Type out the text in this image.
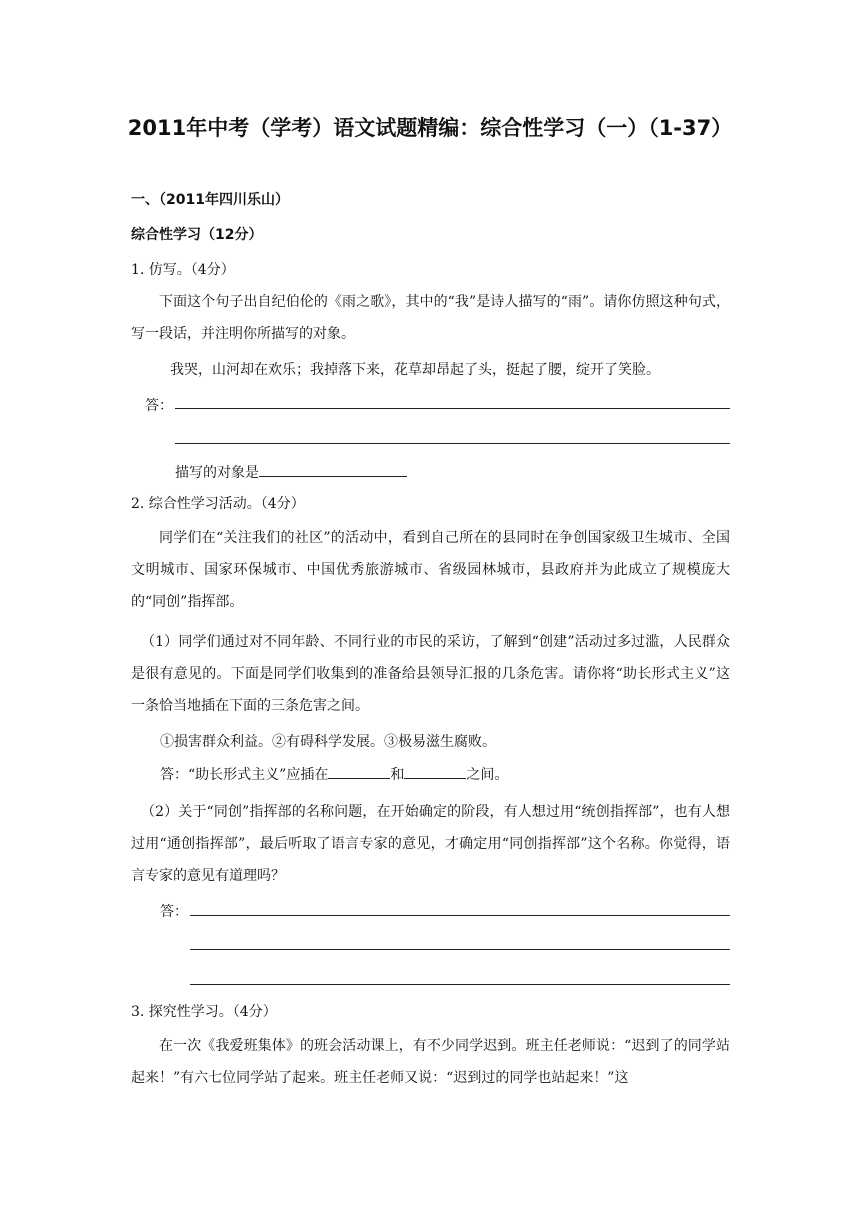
2011年中考（学考）语文试题精编：综合性学习（一）（1-37）
一、（2011年四川乐山）
综合性学习（12分）
1. 仿写。（4分）
下面这个句子出自纪伯伦的《雨之歌》，其中的“我”是诗人描写的“雨”。请你仿照这种句式，写一段话，并注明你所描写的对象。
我哭，山河却在欢乐；我掉落下来，花草却昂起了头，挺起了腰，绽开了笑脸。
答：
描写的对象是
2. 综合性学习活动。（4分）
同学们在“关注我们的社区”的活动中，看到自己所在的县同时在争创国家级卫生城市、全国文明城市、国家环保城市、中国优秀旅游城市、省级园林城市，县政府并为此成立了规模庞大的“同创”指挥部。
（1）同学们通过对不同年龄、不同行业的市民的采访，了解到“创建”活动过多过滥，人民群众是很有意见的。下面是同学们收集到的准备给县领导汇报的几条危害。请你将“助长形式主义”这一条恰当地插在下面的三条危害之间。
①损害群众利益。②有碍科学发展。③极易滋生腐败。
答：“助长形式主义”应插在	和	之间。
（2）关于“同创”指挥部的名称问题，在开始确定的阶段，有人想过用“统创指挥部”，也有人想过用“通创指挥部”，最后听取了语言专家的意见，才确定用“同创指挥部”这个名称。你觉得，语言专家的意见有道理吗？
答：
3. 探究性学习。（4分）
在一次《我爱班集体》的班会活动课上，有不少同学迟到。班主任老师说：“迟到了的同学站起来！”有六七位同学站了起来。班主任老师又说：“迟到过的同学也站起来！”这
